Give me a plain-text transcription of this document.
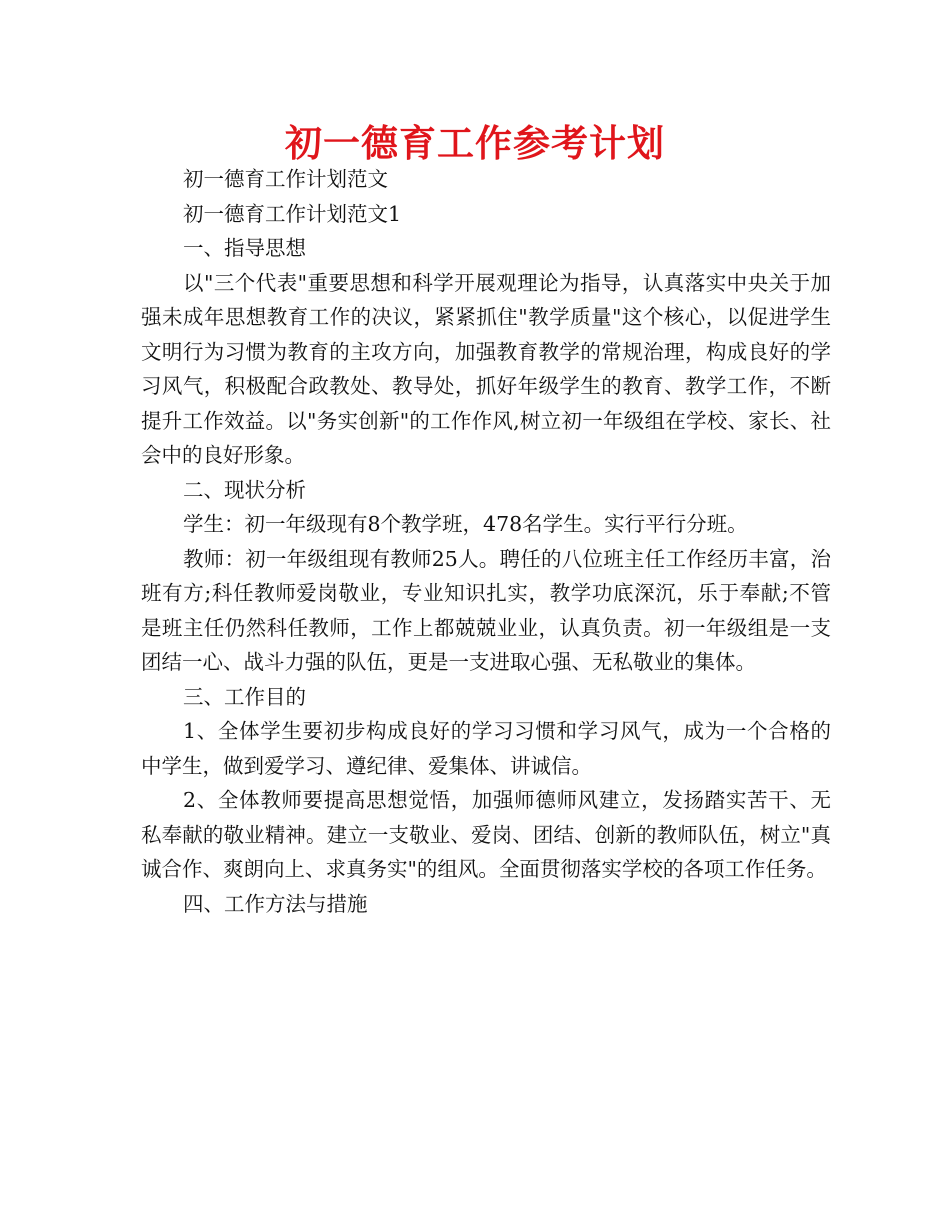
初一德育工作参考计划

初一德育工作计划范文

初一德育工作计划范文1

一、指导思想

以"三个代表"重要思想和科学开展观理论为指导，认真落实中央关于加强未成年思想教育工作的决议，紧紧抓住"教学质量"这个核心，以促进学生文明行为习惯为教育的主攻方向，加强教育教学的常规治理，构成良好的学习风气，积极配合政教处、教导处，抓好年级学生的教育、教学工作，不断提升工作效益。以"务实创新"的工作作风,树立初一年级组在学校、家长、社会中的良好形象。

二、现状分析

学生：初一年级现有8个教学班，478名学生。实行平行分班。

教师：初一年级组现有教师25人。聘任的八位班主任工作经历丰富，治班有方;科任教师爱岗敬业，专业知识扎实，教学功底深沉，乐于奉献;不管是班主任仍然科任教师，工作上都兢兢业业，认真负责。初一年级组是一支团结一心、战斗力强的队伍，更是一支进取心强、无私敬业的集体。

三、工作目的

1、全体学生要初步构成良好的学习习惯和学习风气，成为一个合格的中学生，做到爱学习、遵纪律、爱集体、讲诚信。

2、全体教师要提高思想觉悟，加强师德师风建立，发扬踏实苦干、无私奉献的敬业精神。建立一支敬业、爱岗、团结、创新的教师队伍，树立"真诚合作、爽朗向上、求真务实"的组风。全面贯彻落实学校的各项工作任务。

四、工作方法与措施
